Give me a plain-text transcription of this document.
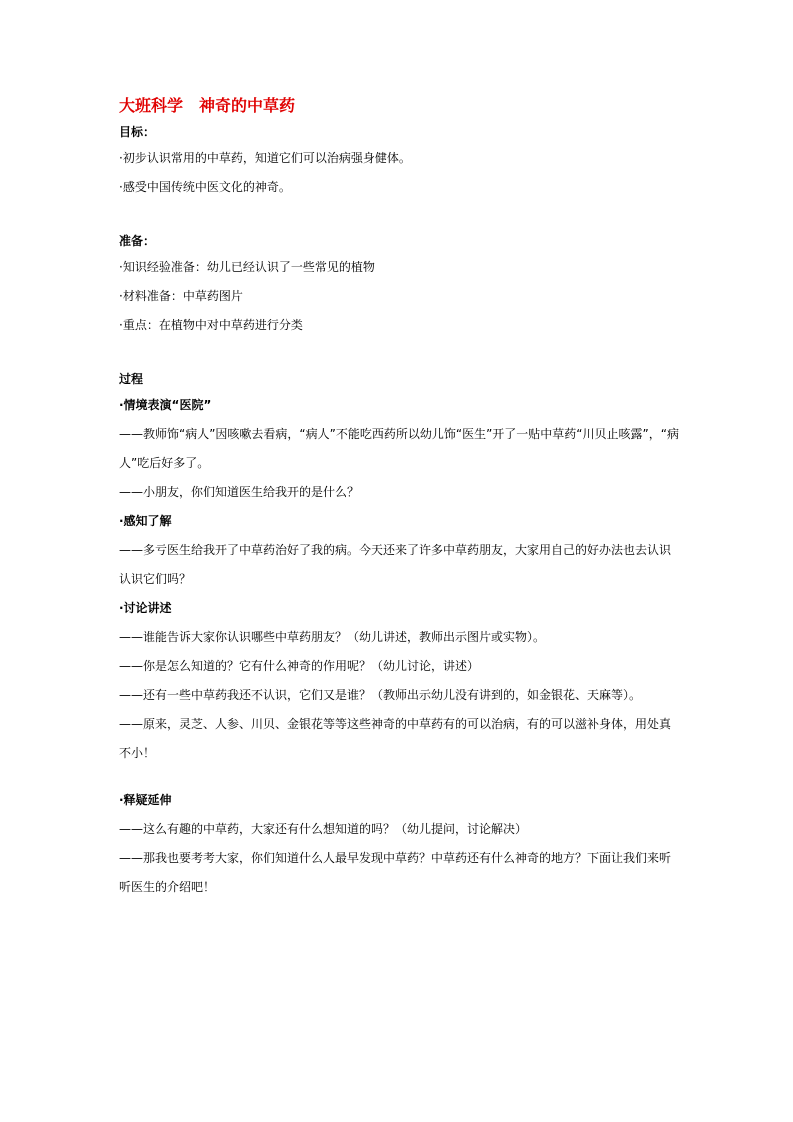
大班科学　神奇的中草药
目标：

·初步认识常用的中草药，知道它们可以治病强身健体。

·感受中国传统中医文化的神奇。

准备：

·知识经验准备：幼儿已经认识了一些常见的植物

·材料准备：中草药图片

·重点：在植物中对中草药进行分类

过程

·情境表演“医院”

——教师饰“病人”因咳嗽去看病，“病人”不能吃西药所以幼儿饰“医生”开了一贴中草药“川贝止咳露”，“病人”吃后好多了。

——小朋友，你们知道医生给我开的是什么？

·感知了解

——多亏医生给我开了中草药治好了我的病。今天还来了许多中草药朋友，大家用自己的好办法也去认识认识它们吗？

·讨论讲述

——谁能告诉大家你认识哪些中草药朋友？（幼儿讲述，教师出示图片或实物）。

——你是怎么知道的？它有什么神奇的作用呢？（幼儿讨论，讲述）

——还有一些中草药我还不认识，它们又是谁？（教师出示幼儿没有讲到的，如金银花、天麻等）。

——原来，灵芝、人参、川贝、金银花等等这些神奇的中草药有的可以治病，有的可以滋补身体，用处真不小！

·释疑延伸

——这么有趣的中草药，大家还有什么想知道的吗？（幼儿提问，讨论解决）

——那我也要考考大家，你们知道什么人最早发现中草药？中草药还有什么神奇的地方？下面让我们来听听医生的介绍吧！
